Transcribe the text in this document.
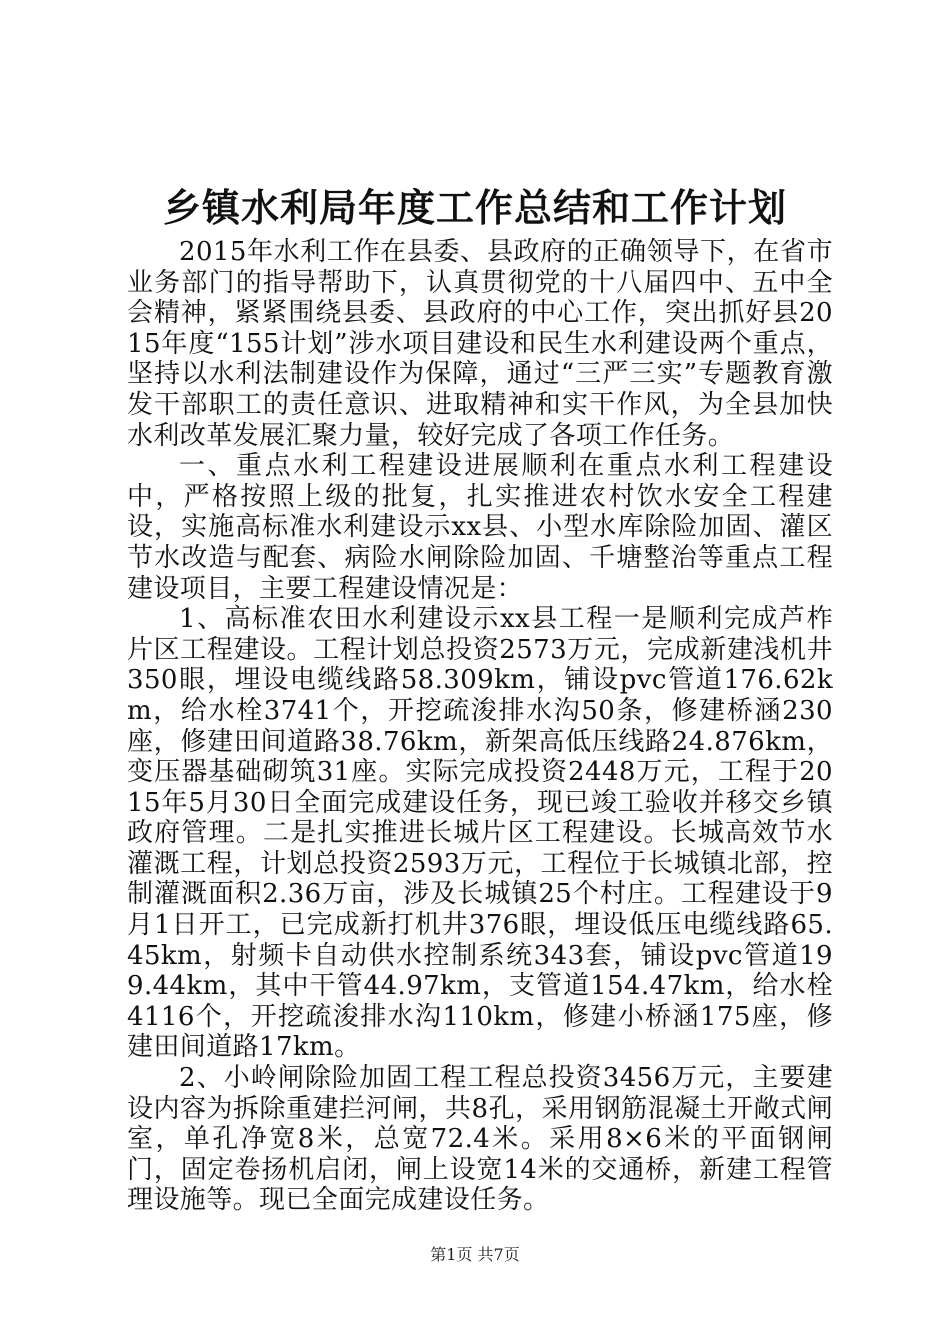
乡镇水利局年度工作总结和工作计划

2015年水利工作在县委、县政府的正确领导下，在省市业务部门的指导帮助下，认真贯彻党的十八届四中、五中全会精神，紧紧围绕县委、县政府的中心工作，突出抓好县2015年度“155计划”涉水项目建设和民生水利建设两个重点，坚持以水利法制建设作为保障，通过“三严三实”专题教育激发干部职工的责任意识、进取精神和实干作风，为全县加快水利改革发展汇聚力量，较好完成了各项工作任务。

一、重点水利工程建设进展顺利在重点水利工程建设中，严格按照上级的批复，扎实推进农村饮水安全工程建设，实施高标准水利建设示xx县、小型水库除险加固、灌区节水改造与配套、病险水闸除险加固、千塘整治等重点工程建设项目，主要工程建设情况是：

1、高标准农田水利建设示xx县工程一是顺利完成芦柞片区工程建设。工程计划总投资2573万元，完成新建浅机井350眼，埋设电缆线路58.309km，铺设pvc管道176.62km，给水栓3741个，开挖疏浚排水沟50条，修建桥涵230座，修建田间道路38.76km，新架高低压线路24.876km，变压器基础砌筑31座。实际完成投资2448万元，工程于2015年5月30日全面完成建设任务，现已竣工验收并移交乡镇政府管理。二是扎实推进长城片区工程建设。长城高效节水灌溉工程，计划总投资2593万元，工程位于长城镇北部，控制灌溉面积2.36万亩，涉及长城镇25个村庄。工程建设于9月1日开工，已完成新打机井376眼，埋设低压电缆线路65.45km，射频卡自动供水控制系统343套，铺设pvc管道199.44km，其中干管44.97km，支管道154.47km，给水栓4116个，开挖疏浚排水沟110km，修建小桥涵175座，修建田间道路17km。

2、小岭闸除险加固工程工程总投资3456万元，主要建设内容为拆除重建拦河闸，共8孔，采用钢筋混凝土开敞式闸室，单孔净宽8米，总宽72.4米。采用8×6米的平面钢闸门，固定卷扬机启闭，闸上设宽14米的交通桥，新建工程管理设施等。现已全面完成建设任务。

第1页 共7页
